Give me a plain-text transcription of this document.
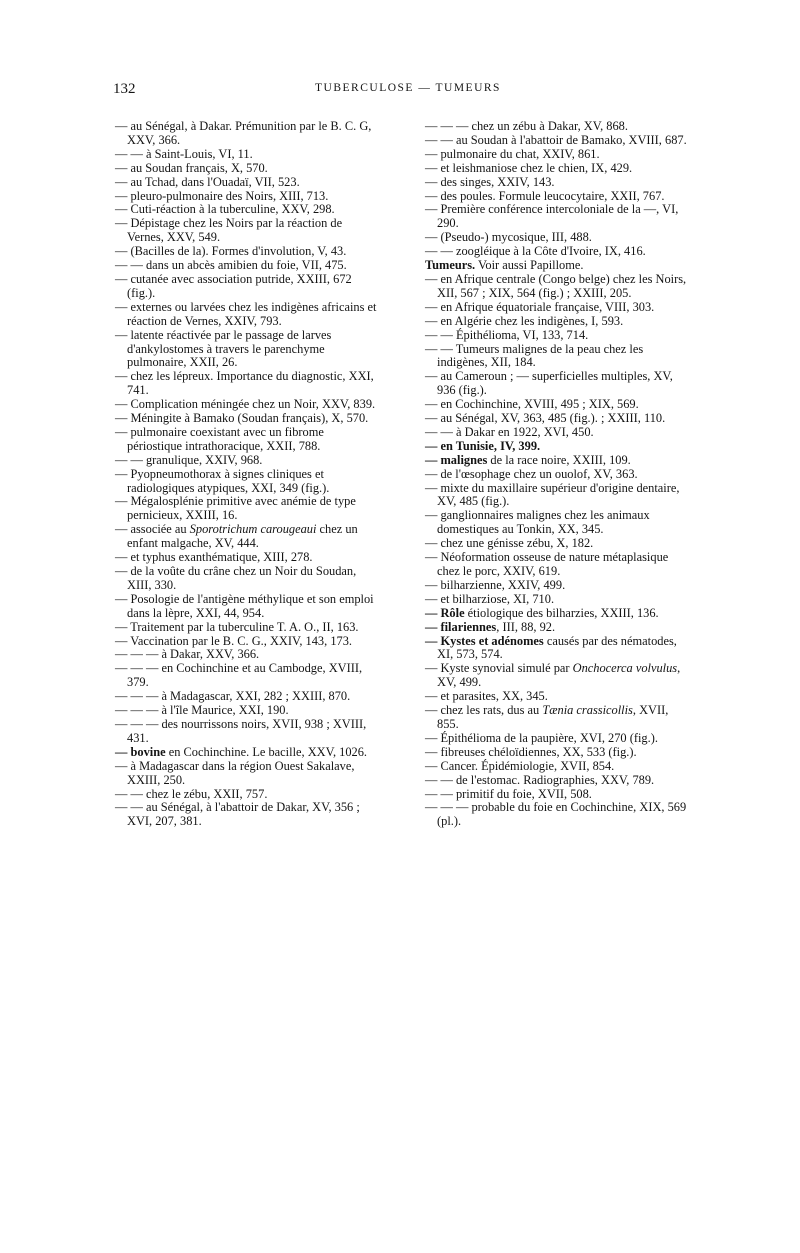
132	TUBERCULOSE — TUMEURS

— au Sénégal, à Dakar. Prémunition par le B. C. G, XXV, 366.

— — à Saint-Louis, VI, 11.

— au Soudan français, X, 570.

— au Tchad, dans l'Ouadaï, VII, 523.

— pleuro-pulmonaire des Noirs, XIII, 713.

— Cuti-réaction à la tuberculine, XXV, 298.

— Dépistage chez les Noirs par la réaction de Vernes, XXV, 549.

— (Bacilles de la). Formes d'involution, V, 43.

— — dans un abcès amibien du foie, VII, 475.

— cutanée avec association putride, XXIII, 672 (fig.).

— externes ou larvées chez les indigènes africains et réaction de Vernes, XXIV, 793.

— latente réactivée par le passage de larves d'ankylostomes à travers le parenchyme pulmonaire, XXII, 26.

— chez les lépreux. Importance du diagnostic, XXI, 741.

— Complication méningée chez un Noir, XXV, 839.

— Méningite à Bamako (Soudan français), X, 570.

— pulmonaire coexistant avec un fibrome périostique intrathoracique, XXII, 788.

— — granulique, XXIV, 968.

— Pyopneumothorax à signes cliniques et radiologiques atypiques, XXI, 349 (fig.).

— Mégalosplénie primitive avec anémie de type pernicieux, XXIII, 16.

— associée au Sporotrichum carougeaui chez un enfant malgache, XV, 444.

— et typhus exanthématique, XIII, 278.

— de la voûte du crâne chez un Noir du Soudan, XIII, 330.

— Posologie de l'antigène méthylique et son emploi dans la lèpre, XXI, 44, 954.

— Traitement par la tuberculine T. A. O., II, 163.

— Vaccination par le B. C. G., XXIV, 143, 173.

— — — à Dakar, XXV, 366.

— — — en Cochinchine et au Cambodge, XVIII, 379.

— — — à Madagascar, XXI, 282 ; XXIII, 870.

— — — à l'île Maurice, XXI, 190.

— — — des nourrissons noirs, XVII, 938 ; XVIII, 431.

— bovine en Cochinchine. Le bacille, XXV, 1026.

— à Madagascar dans la région Ouest Sakalave, XXIII, 250.

— — chez le zébu, XXII, 757.

— — au Sénégal, à l'abattoir de Dakar, XV, 356 ; XVI, 207, 381.

— — — chez un zébu à Dakar, XV, 868.

— — au Soudan à l'abattoir de Bamako, XVIII, 687.

— pulmonaire du chat, XXIV, 861.

— et leishmaniose chez le chien, IX, 429.

— des singes, XXIV, 143.

— des poules. Formule leucocytaire, XXII, 767.

— Première conférence intercoloniale de la —, VI, 290.

— (Pseudo-) mycosique, III, 488.

— — zoogléique à la Côte d'Ivoire, IX, 416.

Tumeurs. Voir aussi Papillome.

— en Afrique centrale (Congo belge) chez les Noirs, XII, 567 ; XIX, 564 (fig.) ; XXIII, 205.

— en Afrique équatoriale française, VIII, 303.

— en Algérie chez les indigènes, I, 593.

— — Épithélioma, VI, 133, 714.

— — Tumeurs malignes de la peau chez les indigènes, XII, 184.

— au Cameroun ; — superficielles multiples, XV, 936 (fig.).

— en Cochinchine, XVIII, 495 ; XIX, 569.

— au Sénégal, XV, 363, 485 (fig.). ; XXIII, 110.

— — à Dakar en 1922, XVI, 450.

— en Tunisie, IV, 399.

— malignes de la race noire, XXIII, 109.

— de l'œsophage chez un ouolof, XV, 363.

— mixte du maxillaire supérieur d'origine dentaire, XV, 485 (fig.).

— ganglionnaires malignes chez les animaux domestiques au Tonkin, XX, 345.

— chez une génisse zébu, X, 182.

— Néoformation osseuse de nature métaplasique chez le porc, XXIV, 619.

— bilharzienne, XXIV, 499.

— et bilharziose, XI, 710.

— Rôle étiologique des bilharzies, XXIII, 136.

— filariennes, III, 88, 92.

— Kystes et adénomes causés par des nématodes, XI, 573, 574.

— Kyste synovial simulé par Onchocerca volvulus, XV, 499.

— et parasites, XX, 345.

— chez les rats, dus au Tænia crassicollis, XVII, 855.

— Épithélioma de la paupière, XVI, 270 (fig.).

— fibreuses chéloïdiennes, XX, 533 (fig.).

— Cancer. Épidémiologie, XVII, 854.

— — de l'estomac. Radiographies, XXV, 789.

— — primitif du foie, XVII, 508.

— — — probable du foie en Cochinchine, XIX, 569 (pl.).
